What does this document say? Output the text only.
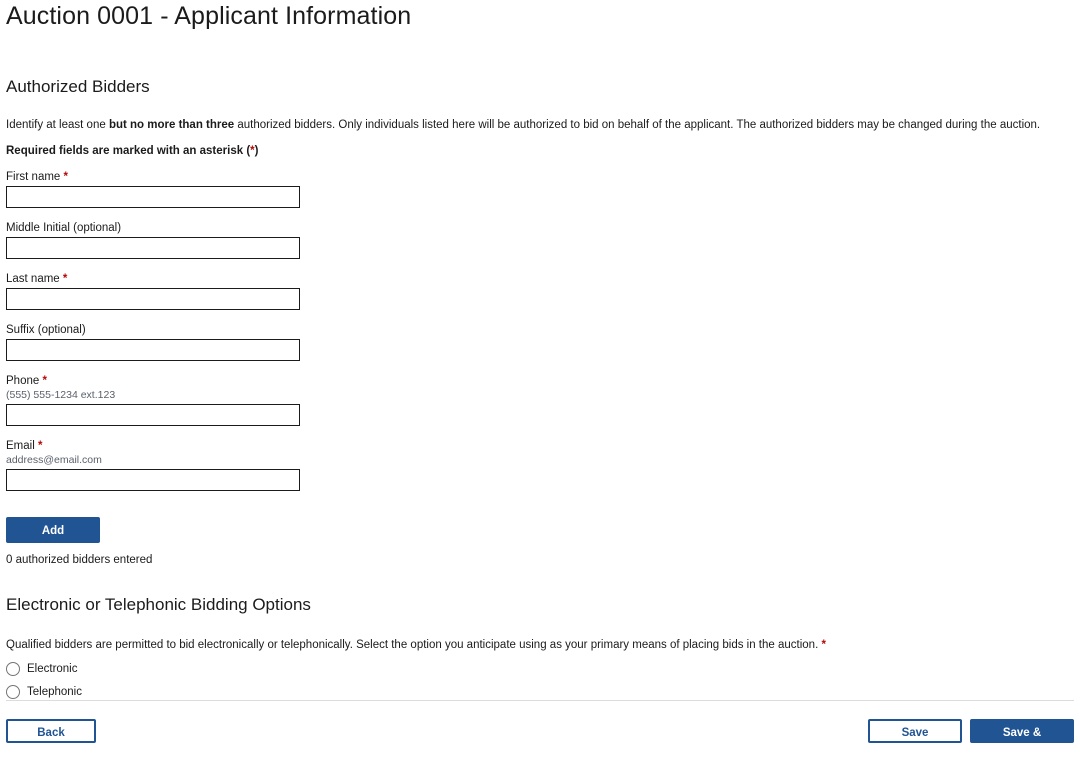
Auction 0001 - Applicant Information
Authorized Bidders

Identify at least one but no more than three authorized bidders. Only individuals listed here will be authorized to bid on behalf of the applicant. The authorized bidders may be changed during the auction.

Required fields are marked with an asterisk (*)

First name *
Middle Initial (optional)
Last name *
Suffix (optional)
Phone *
(555) 555-1234 ext.123
Email *
address@email.com
Add
0 authorized bidders entered
Electronic or Telephonic Bidding Options

Qualified bidders are permitted to bid electronically or telephonically. Select the option you anticipate using as your primary means of placing bids in the auction. *

Electronic
Telephonic
Back	Save	Save & continue
